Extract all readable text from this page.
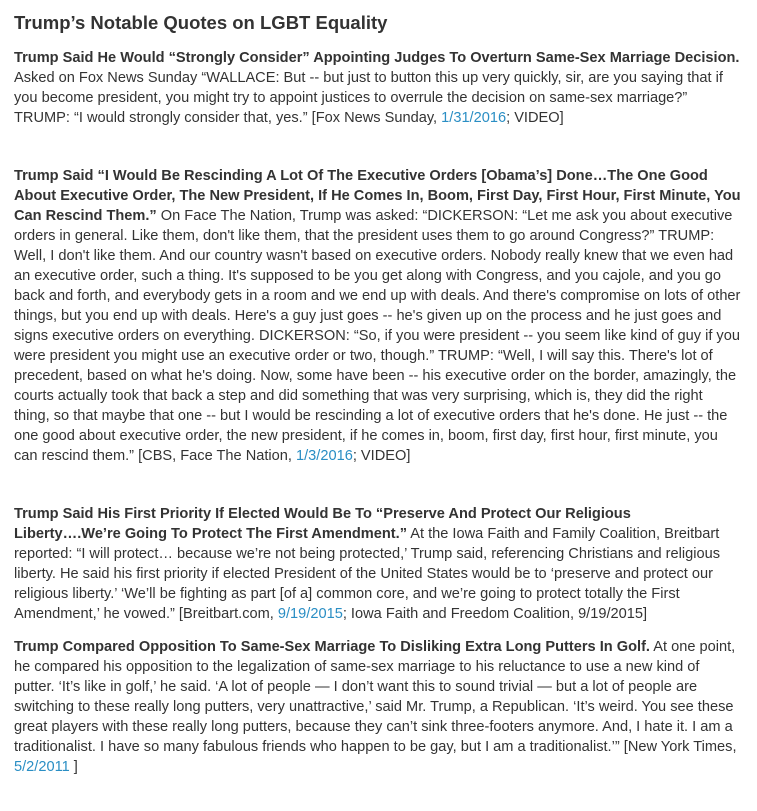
Trump’s Notable Quotes on LGBT Equality

Trump Said He Would “Strongly Consider” Appointing Judges To Overturn Same-Sex Marriage Decision. Asked on Fox News Sunday “WALLACE: But -- but just to button this up very quickly, sir, are you saying that if you become president, you might try to appoint justices to overrule the decision on same-sex marriage?” TRUMP: “I would strongly consider that, yes.” [Fox News Sunday, 1/31/2016; VIDEO]

Trump Said “I Would Be Rescinding A Lot Of The Executive Orders [Obama’s] Done…The One Good About Executive Order, The New President, If He Comes In, Boom, First Day, First Hour, First Minute, You Can Rescind Them.” On Face The Nation, Trump was asked: “DICKERSON: “Let me ask you about executive orders in general. Like them, don't like them, that the president uses them to go around Congress?” TRUMP: Well, I don't like them. And our country wasn't based on executive orders. Nobody really knew that we even had an executive order, such a thing. It's supposed to be you get along with Congress, and you cajole, and you go back and forth, and everybody gets in a room and we end up with deals. And there's compromise on lots of other things, but you end up with deals. Here's a guy just goes -- he's given up on the process and he just goes and signs executive orders on everything. DICKERSON: “So, if you were president -- you seem like kind of guy if you were president you might use an executive order or two, though.” TRUMP: “Well, I will say this. There's lot of precedent, based on what he's doing. Now, some have been -- his executive order on the border, amazingly, the courts actually took that back a step and did something that was very surprising, which is, they did the right thing, so that maybe that one -- but I would be rescinding a lot of executive orders that he's done. He just -- the one good about executive order, the new president, if he comes in, boom, first day, first hour, first minute, you can rescind them.” [CBS, Face The Nation, 1/3/2016; VIDEO]

Trump Said His First Priority If Elected Would Be To “Preserve And Protect Our Religious Liberty….We’re Going To Protect The First Amendment.” At the Iowa Faith and Family Coalition, Breitbart reported: “I will protect… because we’re not being protected,’ Trump said, referencing Christians and religious liberty. He said his first priority if elected President of the United States would be to ‘preserve and protect our religious liberty.’ ‘We’ll be fighting as part [of a] common core, and we’re going to protect totally the First Amendment,’ he vowed.” [Breitbart.com, 9/19/2015; Iowa Faith and Freedom Coalition, 9/19/2015]

Trump Compared Opposition To Same-Sex Marriage To Disliking Extra Long Putters In Golf. At one point, he compared his opposition to the legalization of same-sex marriage to his reluctance to use a new kind of putter. ‘It’s like in golf,’ he said. ‘A lot of people — I don’t want this to sound trivial — but a lot of people are switching to these really long putters, very unattractive,’ said Mr. Trump, a Republican. ‘It’s weird. You see these great players with these really long putters, because they can’t sink three-footers anymore. And, I hate it. I am a traditionalist. I have so many fabulous friends who happen to be gay, but I am a traditionalist.’” [New York Times, 5/2/2011 ]
